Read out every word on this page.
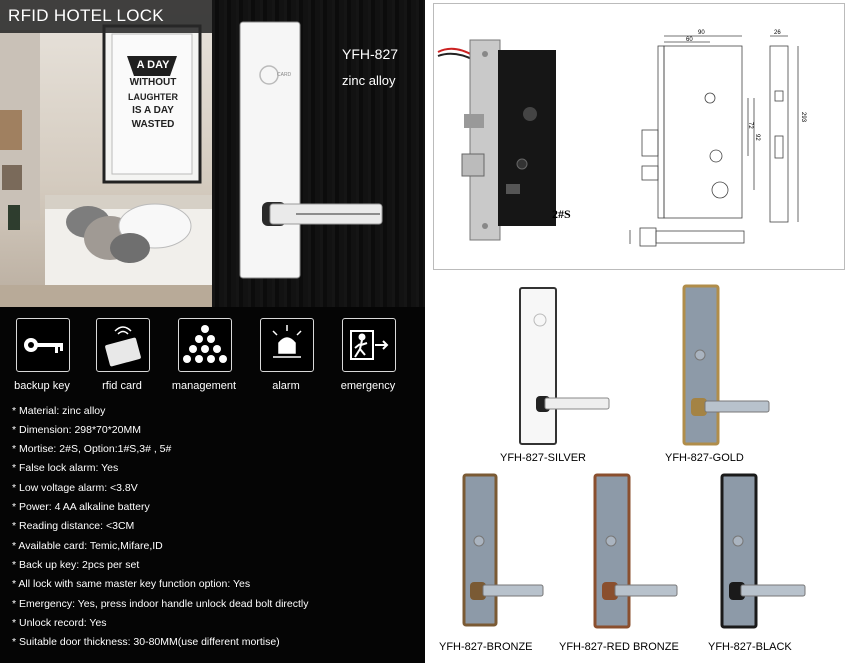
A DAY
WITHOUT
LAUGHTER
IS A DAY
WASTED
CARD
RFID HOTEL LOCK
YFH-827
zinc alloy
backup key	rfid card	management	alarm	emergency
* Material: zinc alloy
* Dimension: 298*70*20MM
* Mortise: 2#S, Option:1#S,3# , 5#
* False lock alarm: Yes
* Low voltage alarm: <3.8V
* Power: 4 AA alkaline battery
* Reading distance: <3CM
* Available card: Temic,Mifare,ID
* Back up key: 2pcs per set
* All lock with same master key function option: Yes
* Emergency: Yes, press indoor handle unlock dead bolt directly
* Unlock record: Yes
* Suitable door thickness: 30-80MM(use different mortise)
2#S
90
60
26
293
72
92
YFH-827-SILVER	YFH-827-GOLD
YFH-827-BRONZE YFH-827-RED BRONZE	YFH-827-BLACK
